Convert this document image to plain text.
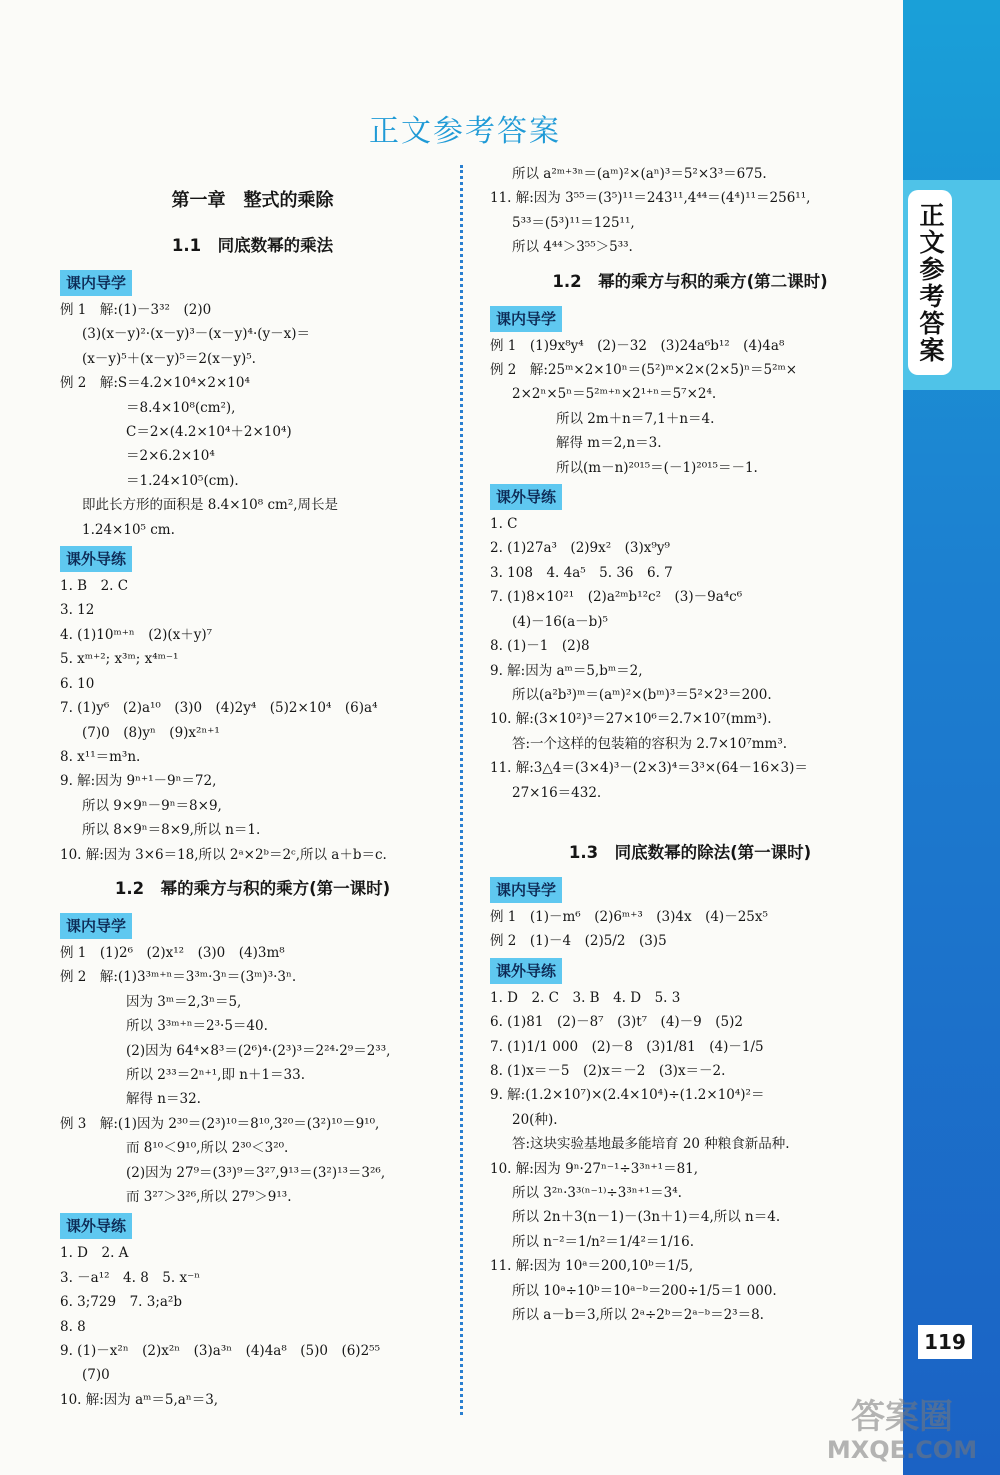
正文参考答案
119
答案圈
MXQE.COM
正文参考答案
第一章　整式的乘除
1.1　同底数幂的乘法
课内导学
例 1　解:(1)－3³²　(2)0
(3)(x－y)²·(x－y)³－(x－y)⁴·(y－x)＝
(x－y)⁵＋(x－y)⁵＝2(x－y)⁵.
例 2　解:S＝4.2×10⁴×2×10⁴
＝8.4×10⁸(cm²),
C＝2×(4.2×10⁴＋2×10⁴)
＝2×6.2×10⁴
＝1.24×10⁵(cm).
即此长方形的面积是 8.4×10⁸ cm²,周长是
1.24×10⁵ cm.
课外导练
1. B　2. C
3. 12
4. (1)10ᵐ⁺ⁿ　(2)(x＋y)⁷
5. xᵐ⁺²; x³ᵐ; x⁴ᵐ⁻¹
6. 10
7. (1)y⁶　(2)a¹⁰　(3)0　(4)2y⁴　(5)2×10⁴　(6)a⁴
(7)0　(8)yⁿ　(9)x²ⁿ⁺¹
8. x¹¹＝m³n.
9. 解:因为 9ⁿ⁺¹－9ⁿ＝72,
所以 9×9ⁿ－9ⁿ＝8×9,
所以 8×9ⁿ＝8×9,所以 n＝1.
10. 解:因为 3×6＝18,所以 2ᵃ×2ᵇ＝2ᶜ,所以 a＋b＝c.
1.2　幂的乘方与积的乘方(第一课时)
课内导学
例 1　(1)2⁶　(2)x¹²　(3)0　(4)3m⁸
例 2　解:(1)3³ᵐ⁺ⁿ＝3³ᵐ·3ⁿ＝(3ᵐ)³·3ⁿ.
因为 3ᵐ＝2,3ⁿ＝5,
所以 3³ᵐ⁺ⁿ＝2³·5＝40.
(2)因为 64⁴×8³＝(2⁶)⁴·(2³)³＝2²⁴·2⁹＝2³³,
所以 2³³＝2ⁿ⁺¹,即 n＋1＝33.
解得 n＝32.
例 3　解:(1)因为 2³⁰＝(2³)¹⁰＝8¹⁰,3²⁰＝(3²)¹⁰＝9¹⁰,
而 8¹⁰＜9¹⁰,所以 2³⁰＜3²⁰.
(2)因为 27⁹＝(3³)⁹＝3²⁷,9¹³＝(3²)¹³＝3²⁶,
而 3²⁷＞3²⁶,所以 27⁹＞9¹³.
课外导练
1. D　2. A
3. －a¹²　4. 8　5. x⁻ⁿ
6. 3;729　7. 3;a²b
8. 8
9. (1)－x²ⁿ　(2)x²ⁿ　(3)a³ⁿ　(4)4a⁸　(5)0　(6)2⁵⁵
(7)0
10. 解:因为 aᵐ＝5,aⁿ＝3,
所以 a²ᵐ⁺³ⁿ＝(aᵐ)²×(aⁿ)³＝5²×3³＝675.
11. 解:因为 3⁵⁵＝(3⁵)¹¹＝243¹¹,4⁴⁴＝(4⁴)¹¹＝256¹¹,
5³³＝(5³)¹¹＝125¹¹,
所以 4⁴⁴＞3⁵⁵＞5³³.
1.2　幂的乘方与积的乘方(第二课时)
课内导学
例 1　(1)9x⁸y⁴　(2)－32　(3)24a⁶b¹²　(4)4a⁸
例 2　解:25ᵐ×2×10ⁿ＝(5²)ᵐ×2×(2×5)ⁿ＝5²ᵐ×
2×2ⁿ×5ⁿ＝5²ᵐ⁺ⁿ×2¹⁺ⁿ＝5⁷×2⁴.
所以 2m＋n＝7,1＋n＝4.
解得 m＝2,n＝3.
所以(m－n)²⁰¹⁵＝(－1)²⁰¹⁵＝－1.
课外导练
1. C
2. (1)27a³　(2)9x²　(3)x⁹y⁹
3. 108　4. 4a⁵　5. 36　6. 7
7. (1)8×10²¹　(2)a²ᵐb¹²c²　(3)－9a⁴c⁶
(4)－16(a－b)⁵
8. (1)－1　(2)8
9. 解:因为 aᵐ＝5,bᵐ＝2,
所以(a²b³)ᵐ＝(aᵐ)²×(bᵐ)³＝5²×2³＝200.
10. 解:(3×10²)³＝27×10⁶＝2.7×10⁷(mm³).
答:一个这样的包装箱的容积为 2.7×10⁷mm³.
11. 解:3△4＝(3×4)³－(2×3)⁴＝3³×(64－16×3)＝
27×16＝432.
1.3　同底数幂的除法(第一课时)
课内导学
例 1　(1)－m⁶　(2)6ᵐ⁺³　(3)4x　(4)－25x⁵
例 2　(1)－4　(2)5/2　(3)5
课外导练
1. D　2. C　3. B　4. D　5. 3
6. (1)81　(2)－8⁷　(3)t⁷　(4)－9　(5)2
7. (1)1/1 000　(2)－8　(3)1/81　(4)－1/5
8. (1)x＝－5　(2)x＝－2　(3)x＝－2.
9. 解:(1.2×10⁷)×(2.4×10⁴)÷(1.2×10⁴)²＝
20(种).
答:这块实验基地最多能培育 20 种粮食新品种.
10. 解:因为 9ⁿ·27ⁿ⁻¹÷3³ⁿ⁺¹＝81,
所以 3²ⁿ·3³⁽ⁿ⁻¹⁾÷3³ⁿ⁺¹＝3⁴.
所以 2n＋3(n－1)－(3n＋1)＝4,所以 n＝4.
所以 n⁻²＝1/n²＝1/4²＝1/16.
11. 解:因为 10ᵃ＝200,10ᵇ＝1/5,
所以 10ᵃ÷10ᵇ＝10ᵃ⁻ᵇ＝200÷1/5＝1 000.
所以 a－b＝3,所以 2ᵃ÷2ᵇ＝2ᵃ⁻ᵇ＝2³＝8.
